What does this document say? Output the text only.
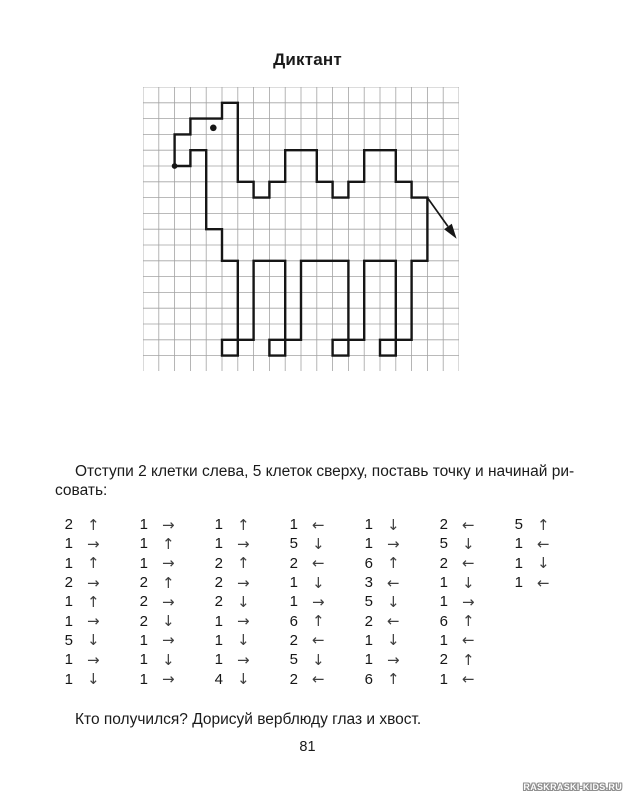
Диктант
Отступи 2 клетки слева, 5 клеток сверху, поставь точку и начинай ри-
совать:
2 ↑
1 →
1 ↑
2 →
1 ↑
1 →
5 ↓
1 →
1 ↓
1 →
1 ↑
1 →
2 ↑
2 →
2 ↓
1 →
1 ↓
1 →
1 ↑
1 →
2 ↑
2 →
2 ↓
1 →
1 ↓
1 →
4 ↓
1 ←
5 ↓
2 ←
1 ↓
1 →
6 ↑
2 ←
5 ↓
2 ←
1 ↓
1 →
6 ↑
3 ←
5 ↓
2 ←
1 ↓
1 →
6 ↑
2 ←
5 ↓
2 ←
1 ↓
1 →
6 ↑
1 ←
2 ↑
1 ←
5 ↑
1 ←
1 ↓
1 ←
Кто получился? Дорисуй верблюду глаз и хвост.
81
RASKRASKI-KIDS.RU
